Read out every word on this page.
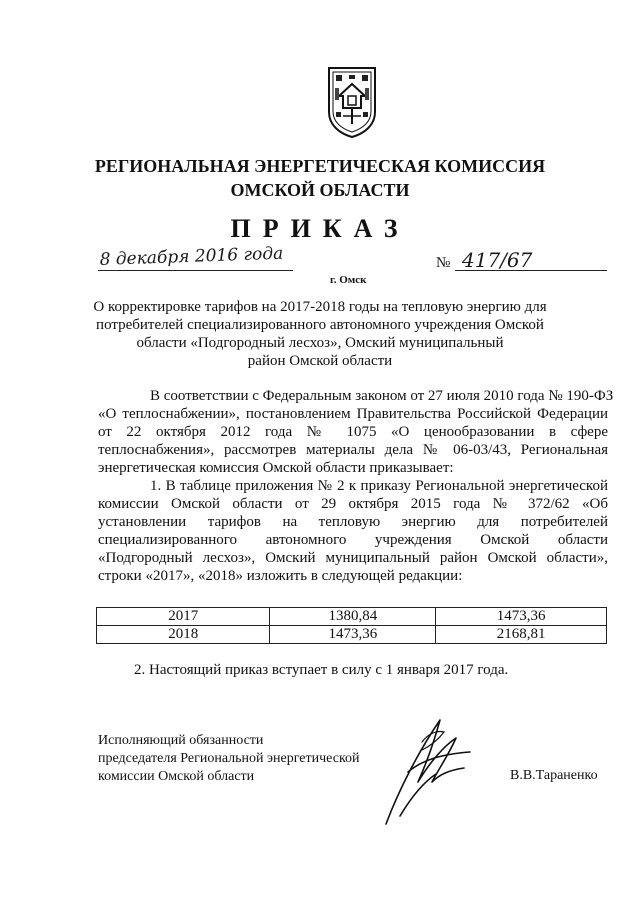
РЕГИОНАЛЬНАЯ ЭНЕРГЕТИЧЕСКАЯ КОМИССИЯ
ОМСКОЙ ОБЛАСТИ
ПРИКАЗ
8 декабря 2016 года
г. Омск
№ 417/67
О корректировке тарифов на 2017-2018 годы на тепловую энергию для
потребителей специализированного автономного учреждения Омской
области «Подгородный лесхоз», Омский муниципальный
район Омской области
В соответствии с Федеральным законом от 27 июля 2010 года № 190-ФЗ
«О теплоснабжении», постановлением Правительства Российской Федерации
от 22 октября 2012 года № 1075 «О ценообразовании в сфере
теплоснабжения», рассмотрев материалы дела № 06-03/43, Региональная
энергетическая комиссия Омской области приказывает:
1. В таблице приложения № 2 к приказу Региональной энергетической
комиссии Омской области от 29 октября 2015 года № 372/62 «Об
установлении тарифов на тепловую энергию для потребителей
специализированного автономного учреждения Омской области
«Подгородный лесхоз», Омский муниципальный район Омской области»,
строки «2017», «2018» изложить в следующей редакции:
2017	1380,84	1473,36
2018	1473,36	2168,81
2. Настоящий приказ вступает в силу с 1 января 2017 года.
Исполняющий обязанности
председателя Региональной энергетической
комиссии Омской области	В.В.Тараненко
